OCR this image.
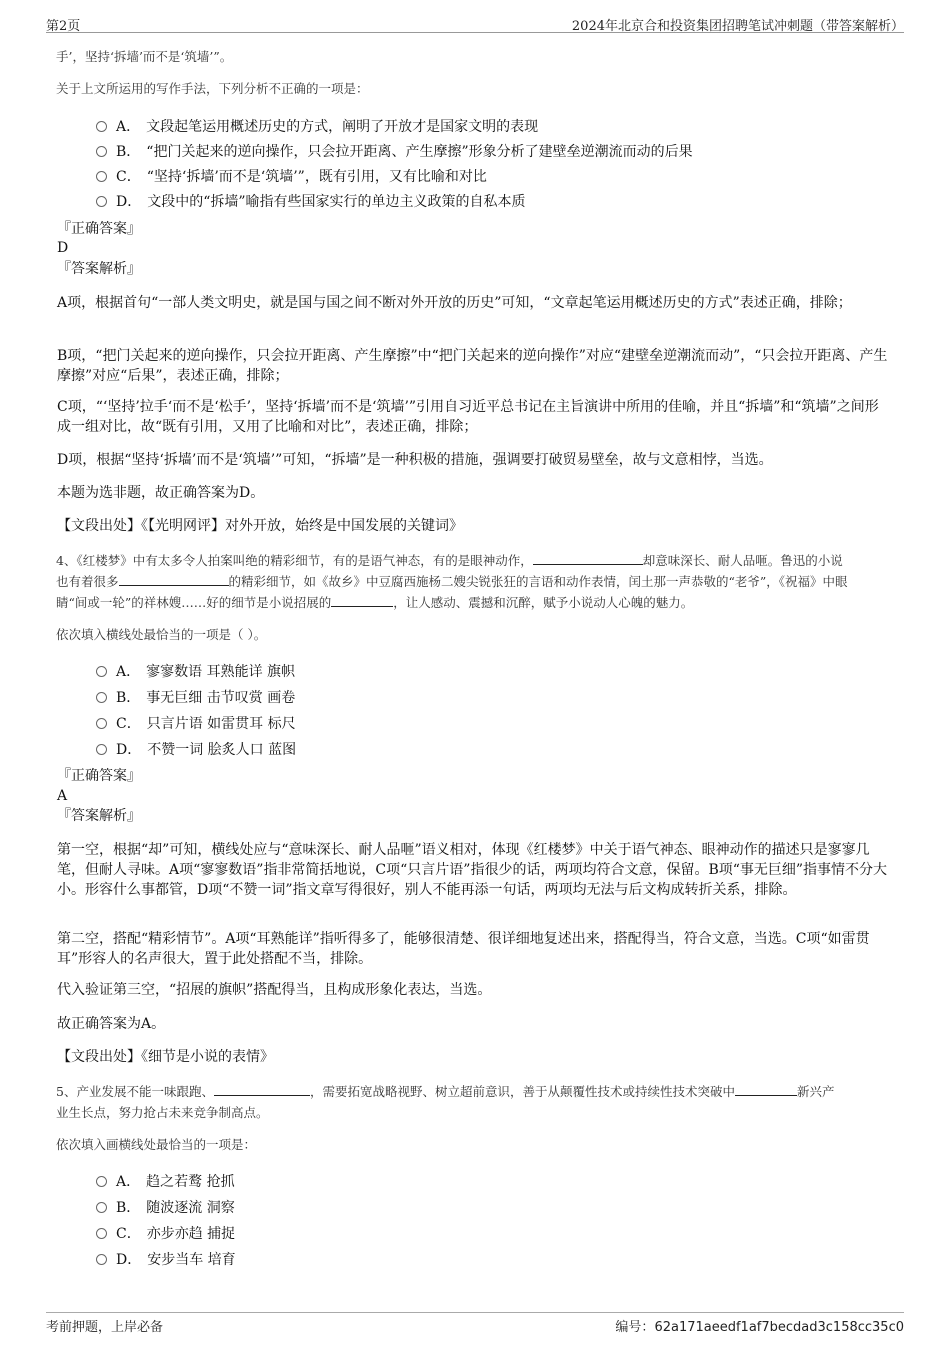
第2页	2024年北京合和投资集团招聘笔试冲刺题（带答案解析）
手’，坚持‘拆墙’而不是‘筑墙’”。
关于上文所运用的写作手法，下列分析不正确的一项是：
A． 文段起笔运用概述历史的方式，阐明了开放才是国家文明的表现
B． “把门关起来的逆向操作，只会拉开距离、产生摩擦”形象分析了建壁垒逆潮流而动的后果
C． “坚持‘拆墙’而不是‘筑墙’”，既有引用，又有比喻和对比
D． 文段中的“拆墙”喻指有些国家实行的单边主义政策的自私本质
『正确答案』
D
『答案解析』
A项，根据首句“一部人类文明史，就是国与国之间不断对外开放的历史”可知，“文章起笔运用概述历史的方式”表述正确，排除；
B项，“把门关起来的逆向操作，只会拉开距离、产生摩擦”中“把门关起来的逆向操作”对应“建壁垒逆潮流而动”，“只会拉开距离、产生摩擦”对应“后果”，表述正确，排除；
C项，“‘坚持’拉手‘而不是‘松手’，坚持‘拆墙’而不是‘筑墙’”引用自习近平总书记在主旨演讲中所用的佳喻，并且“拆墙”和“筑墙”之间形成一组对比，故“既有引用，又用了比喻和对比”，表述正确，排除；
D项，根据“坚持‘拆墙’而不是‘筑墙’”可知，“拆墙”是一种积极的措施，强调要打破贸易壁垒，故与文意相悖，当选。
本题为选非题，故正确答案为D。
【文段出处】《【光明网评】对外开放，始终是中国发展的关键词》
4、《红楼梦》中有太多令人拍案叫绝的精彩细节，有的是语气神态，有的是眼神动作，	却意味深长、耐人品咂。鲁迅的小说
也有着很多	的精彩细节，如《故乡》中豆腐西施杨二嫂尖锐张狂的言语和动作表情，闰土那一声恭敬的“老爷”，《祝福》中眼
睛“间或一轮”的祥林嫂……好的细节是小说招展的	，让人感动、震撼和沉醉，赋予小说动人心魄的魅力。
依次填入横线处最恰当的一项是（ ）。
A． 寥寥数语 耳熟能详 旗帜
B． 事无巨细 击节叹赏 画卷
C． 只言片语 如雷贯耳 标尺
D． 不赞一词 脍炙人口 蓝图
『正确答案』
A
『答案解析』
第一空，根据“却”可知，横线处应与“意味深长、耐人品咂”语义相对，体现《红楼梦》中关于语气神态、眼神动作的描述只是寥寥几笔，但耐人寻味。A项“寥寥数语”指非常简括地说，C项“只言片语”指很少的话，两项均符合文意，保留。B项“事无巨细”指事情不分大小。形容什么事都管，D项“不赞一词”指文章写得很好，别人不能再添一句话，两项均无法与后文构成转折关系，排除。
第二空，搭配“精彩情节”。A项“耳熟能详”指听得多了，能够很清楚、很详细地复述出来，搭配得当，符合文意，当选。C项“如雷贯耳”形容人的名声很大，置于此处搭配不当，排除。
代入验证第三空，“招展的旗帜”搭配得当，且构成形象化表达，当选。
故正确答案为A。
【文段出处】《细节是小说的表情》
5、产业发展不能一味跟跑、	，需要拓宽战略视野、树立超前意识，善于从颠覆性技术或持续性技术突破中	新兴产
业生长点，努力抢占未来竞争制高点。
依次填入画横线处最恰当的一项是：
A． 趋之若鹜 抢抓
B． 随波逐流 洞察
C． 亦步亦趋 捕捉
D． 安步当车 培育
考前押题，上岸必备	编号：62a171aeedf1af7becdad3c158cc35c0
